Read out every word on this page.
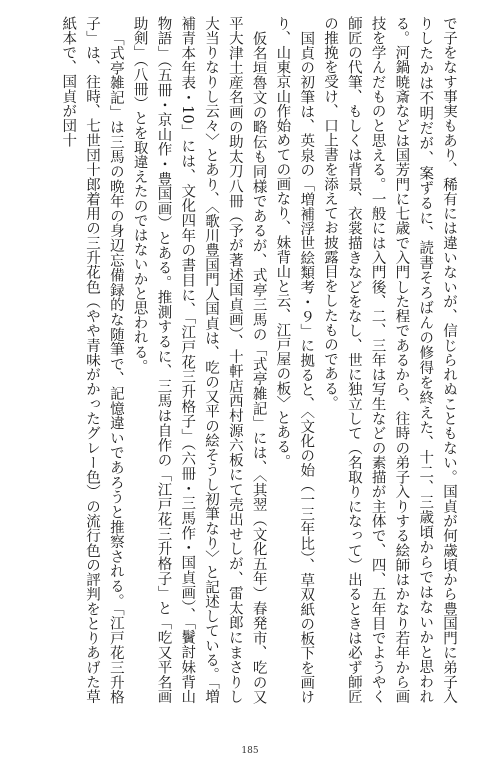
で子をなす事実もあり、稀有には違いないが、信じられぬこともない。国貞が何歳頃から豊国門に弟子入りしたかは不明だが、案ずるに、読書そろばんの修得を終えた、十二、三歳頃からではないかと思われる。河鍋暁斎などは国芳門に七歳で入門した程であるから、往時の弟子入りする絵師はかなり若年から画技を学んだものと思える。一般には入門後、二、三年は写生などの素描が主体で、四、五年目でようやく師匠の代筆、もしくは背景、衣裳描きなどをなし、世に独立して（名取りになって）出るときは必ず師匠の推挽を受け、口上書を添えてお披露目をしたものである。

国貞の初筆は、英泉の「増補浮世絵類考・９」に拠ると、〈文化の始（一三年比）、草双紙の板下を画けり、山東京山作始めての画なり、妹背山と云、江戸屋の板〉とある。

仮名垣魯文の略伝も同様であるが、式亭三馬の「式亭雑記」には、〈其翌（文化五年）春発市、吃の又平大津土産名画の助太刀八冊（予が著述国貞画）、十軒店西村源六板にて売出せしが、雷太郎にまさりし大当りなりし云々〉とあり、〈歌川豊国門人国貞は、吃の又平の絵そうし初筆なり〉と記述している。「増補青本年表・10」には、文化四年の書目に、「江戸花三升格子」（六冊・三馬作・国貞画）、「鬢討妹背山物語」（五冊・京山作・豊国画）とある。推測するに、三馬は自作の「江戸花三升格子」と「吃又平名画助剣」（八冊）とを取違えたのではないかと思われる。

「式亭雑記」は三馬の晩年の身辺忘備録的な随筆で、記憶違いであろうと推察される。「江戸花三升格子」は、往時、七世団十郎着用の三升花色（やや青味がかったグレー色）の流行色の評判をとりあげた草紙本で、国貞が団十

185
